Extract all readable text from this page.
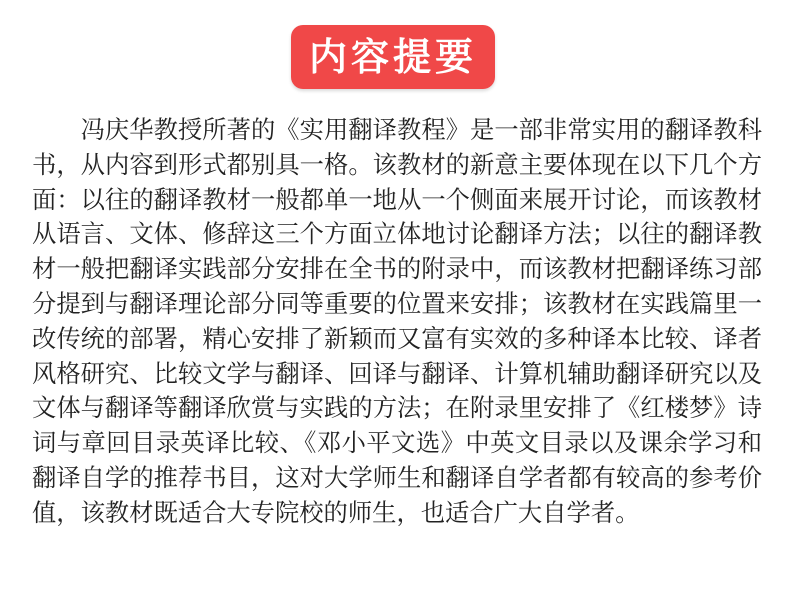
内容提要

冯庆华教授所著的《实用翻译教程》是一部非常实用的翻译教科书，从内容到形式都别具一格。该教材的新意主要体现在以下几个方面：以往的翻译教材一般都单一地从一个侧面来展开讨论，而该教材从语言、文体、修辞这三个方面立体地讨论翻译方法；以往的翻译教材一般把翻译实践部分安排在全书的附录中，而该教材把翻译练习部分提到与翻译理论部分同等重要的位置来安排；该教材在实践篇里一改传统的部署，精心安排了新颖而又富有实效的多种译本比较、译者风格研究、比较文学与翻译、回译与翻译、计算机辅助翻译研究以及文体与翻译等翻译欣赏与实践的方法；在附录里安排了《红楼梦》诗词与章回目录英译比较、《邓小平文选》中英文目录以及课余学习和翻译自学的推荐书目，这对大学师生和翻译自学者都有较高的参考价值，该教材既适合大专院校的师生，也适合广大自学者。
